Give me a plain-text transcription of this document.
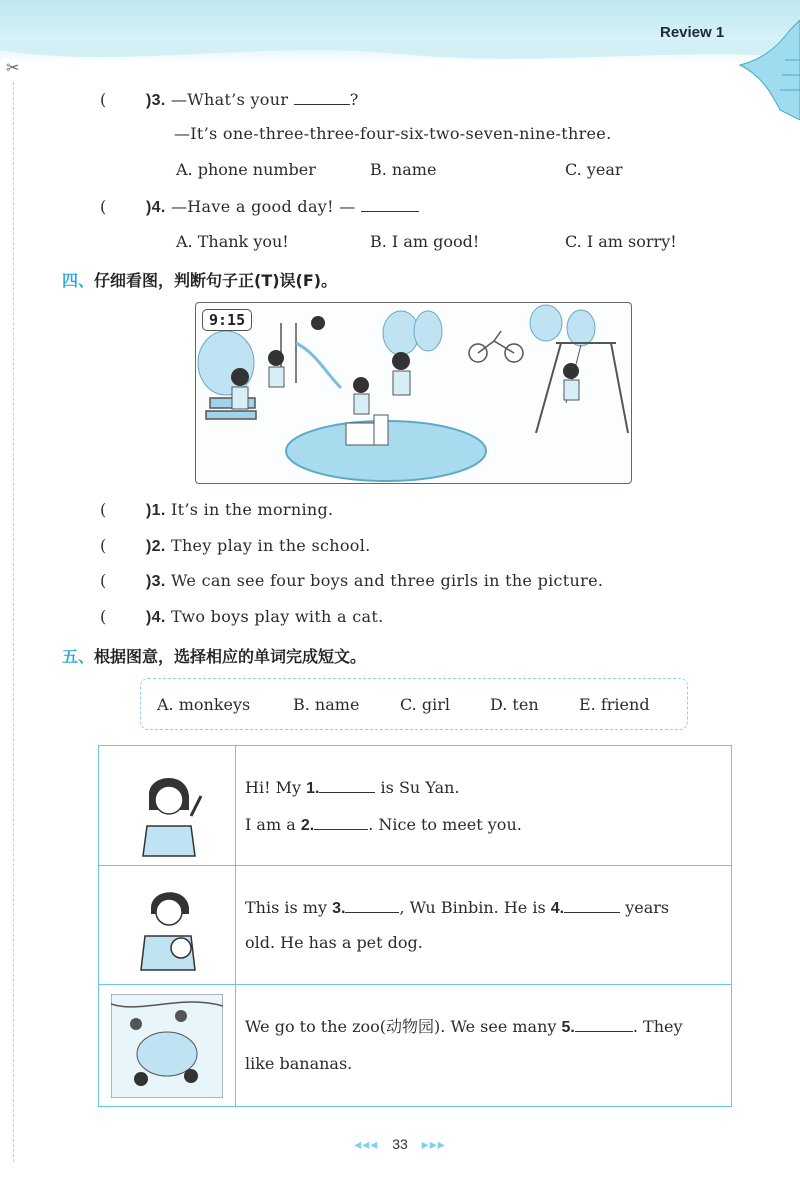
Review 1
✂
( )3. —What’s your	?
—It’s one-three-three-four-six-two-seven-nine-three.
A. phone number	B. name	C. year
( )4. —Have a good day! —
A. Thank you!	B. I am good!	C. I am sorry!
四、仔细看图，判断句子正(T)误(F)。
9:15
( )1. It’s in the morning.
( )2. They play in the school.
( )3. We can see four boys and three girls in the picture.
( )4. Two boys play with a cat.
五、根据图意，选择相应的单词完成短文。
A. monkeys	B. name	C. girl	D. ten	E. friend
Hi! My 1.	is Su Yan.
I am a 2.	. Nice to meet you.
This is my 3.	, Wu Binbin. He is 4.	years
old. He has a pet dog.
We go to the zoo(动物园). We see many 5.	. They
like bananas.
◂◂◂ 33 ▸▸▸
